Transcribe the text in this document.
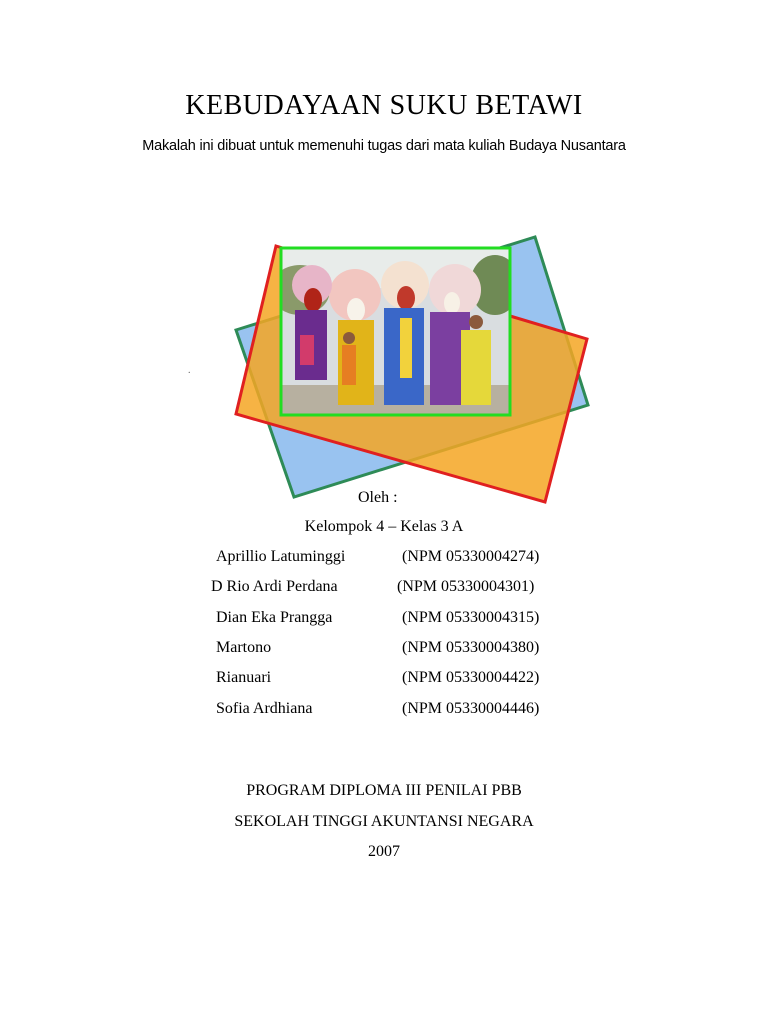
KEBUDAYAAN SUKU BETAWI
Makalah ini dibuat untuk memenuhi tugas dari mata kuliah Budaya Nusantara
.
Oleh :
Kelompok 4 – Kelas 3 A
Aprillio Latuminggi	(NPM 05330004274)
D Rio Ardi Perdana	(NPM 05330004301)
Dian Eka Prangga	(NPM 05330004315)
Martono	(NPM 05330004380)
Rianuari	(NPM 05330004422)
Sofia Ardhiana	(NPM 05330004446)
PROGRAM DIPLOMA III PENILAI PBB
SEKOLAH TINGGI AKUNTANSI NEGARA
2007
